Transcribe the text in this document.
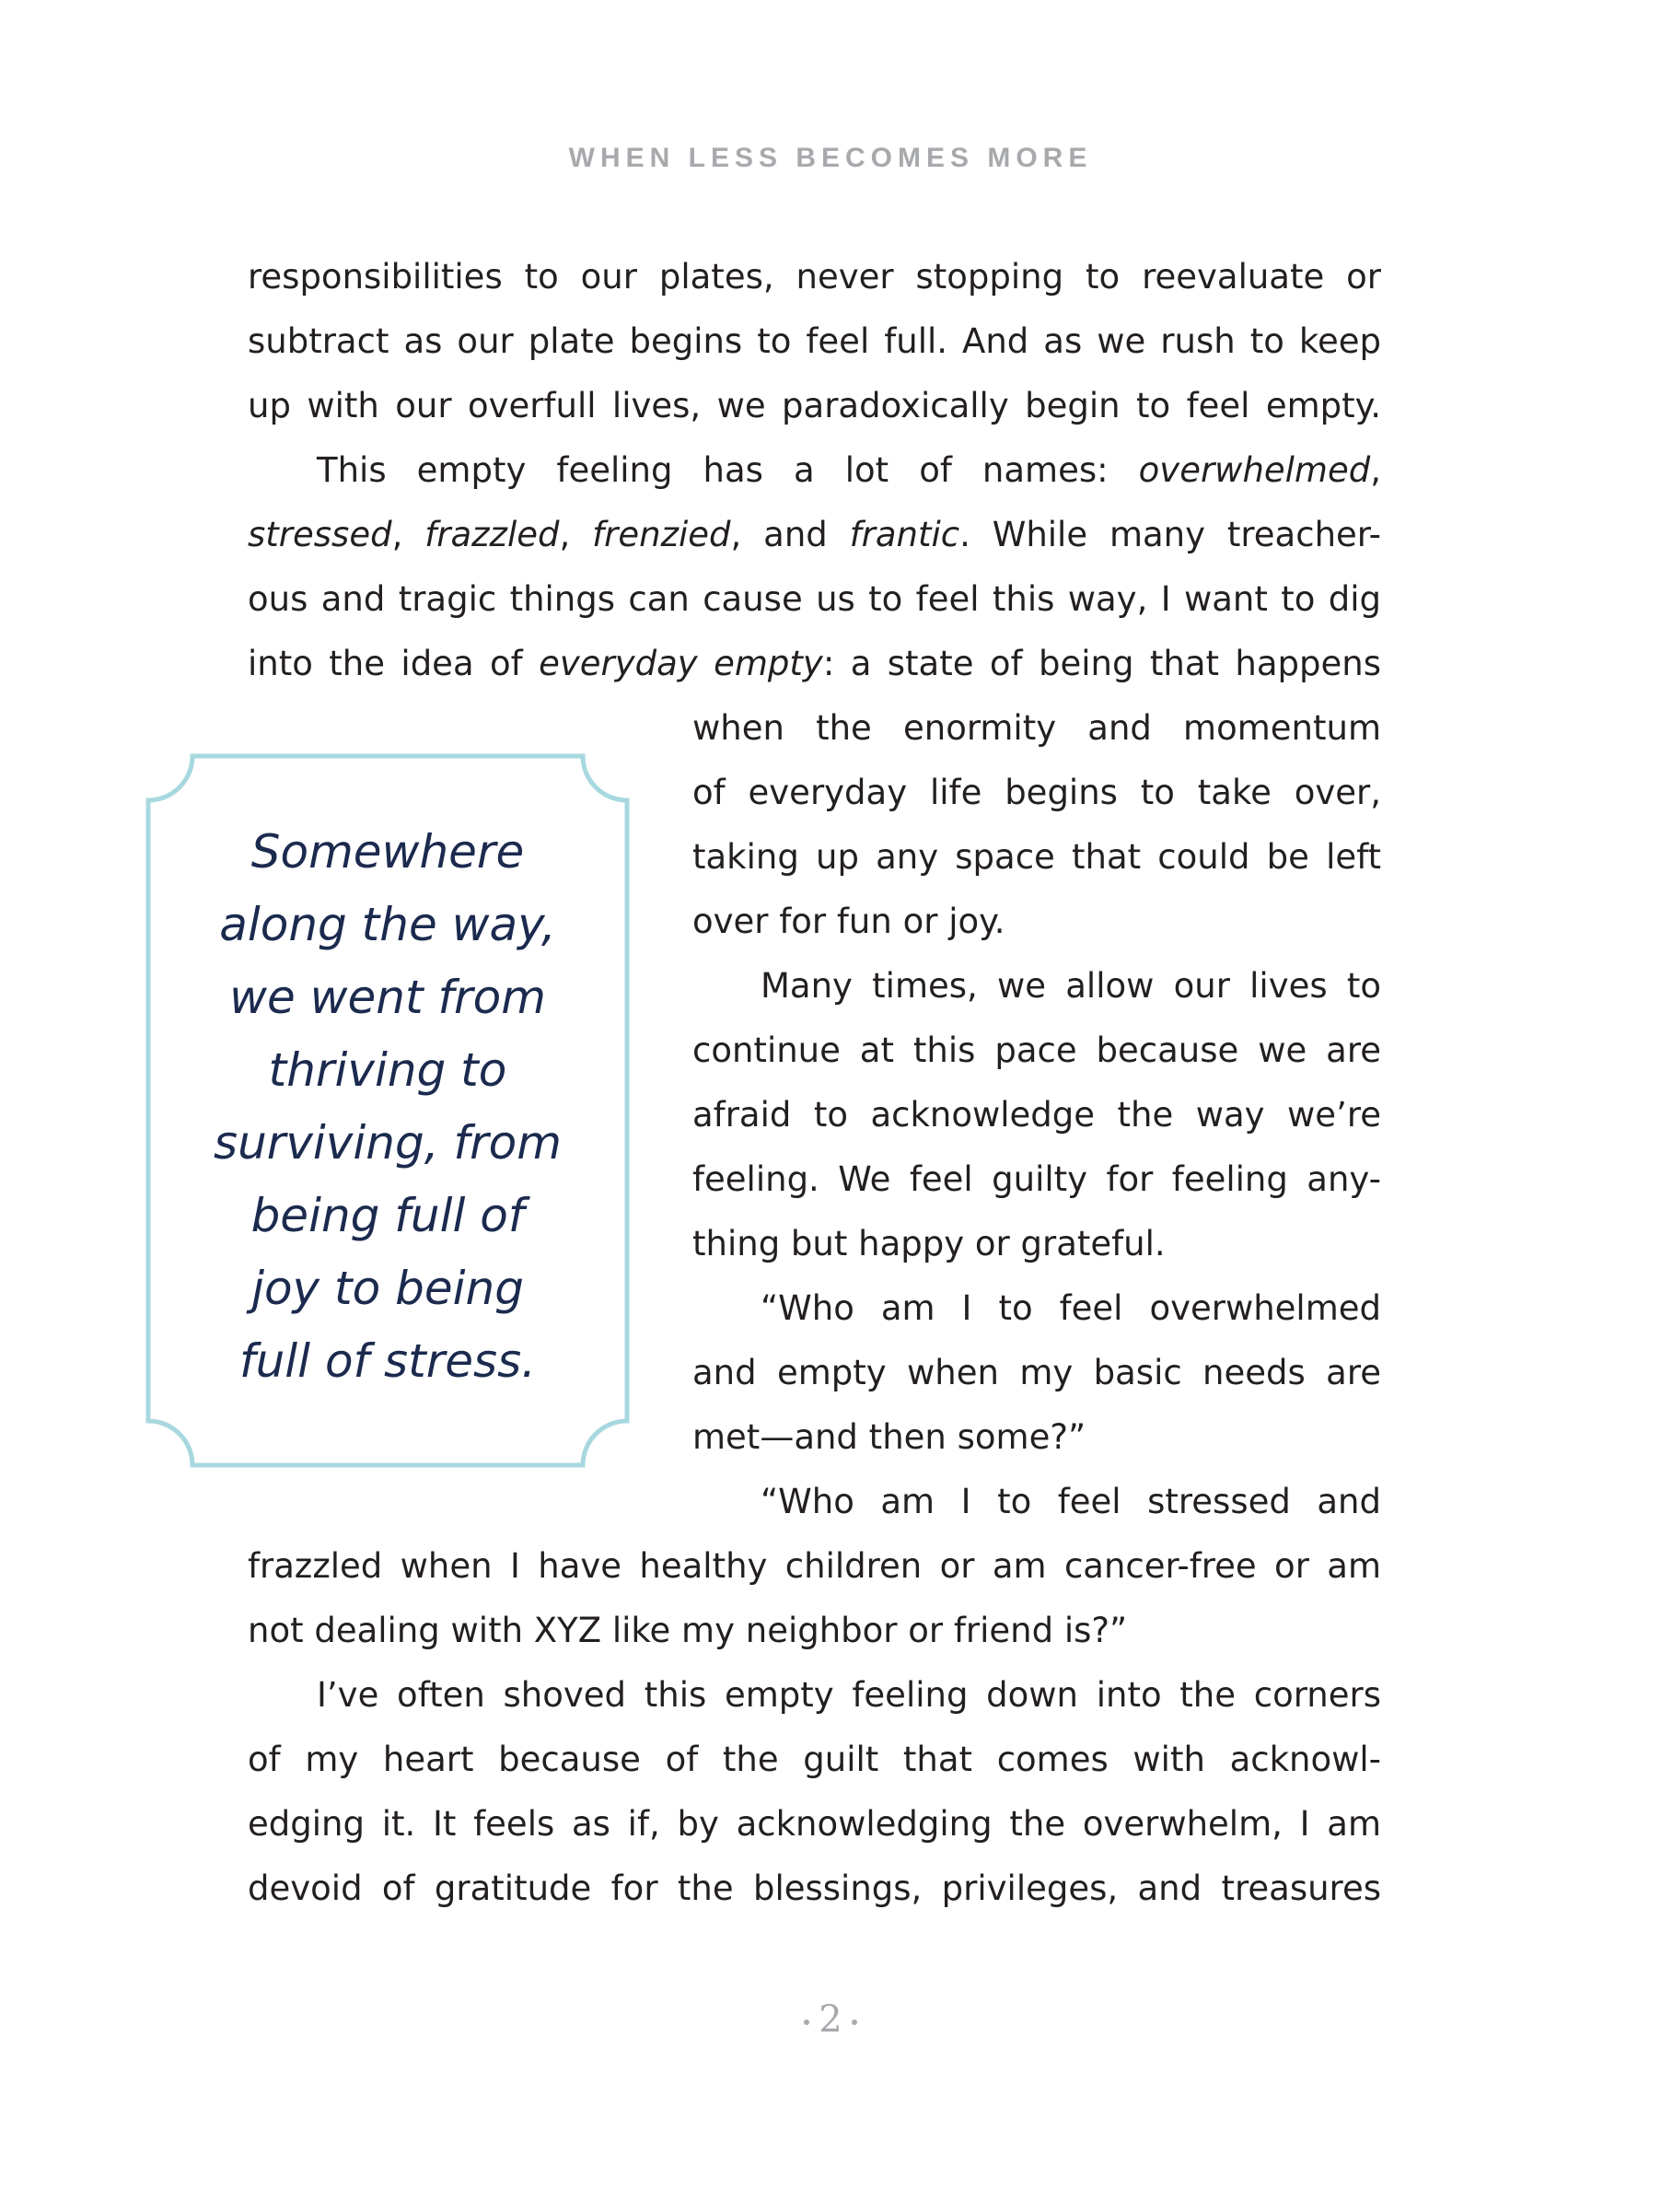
WHEN LESS BECOMES MORE
responsibilities to our plates, never stopping to reevaluate or
subtract as our plate begins to feel full. And as we rush to keep
up with our overfull lives, we paradoxically begin to feel empty.
This empty feeling has a lot of names: overwhelmed,
stressed, frazzled, frenzied, and frantic. While many treacher-
ous and tragic things can cause us to feel this way, I want to dig
into the idea of everyday empty: a state of being that happens
when the enormity and momentum
of everyday life begins to take over,
taking up any space that could be left
over for fun or joy.
Many times, we allow our lives to
continue at this pace because we are
afraid to acknowledge the way we’re
feeling. We feel guilty for feeling any-
thing but happy or grateful.
“Who am I to feel overwhelmed
and empty when my basic needs are
met—and then some?”
“Who am I to feel stressed and
frazzled when I have healthy children or am cancer-free or am
not dealing with XYZ like my neighbor or friend is?”
I’ve often shoved this empty feeling down into the corners
of my heart because of the guilt that comes with acknowl-
edging it. It feels as if, by acknowledging the overwhelm, I am
devoid of gratitude for the blessings, privileges, and treasures
Somewhere
along the way,
we went from
thriving to
surviving, from
being full of
joy to being
full of stress.
2
